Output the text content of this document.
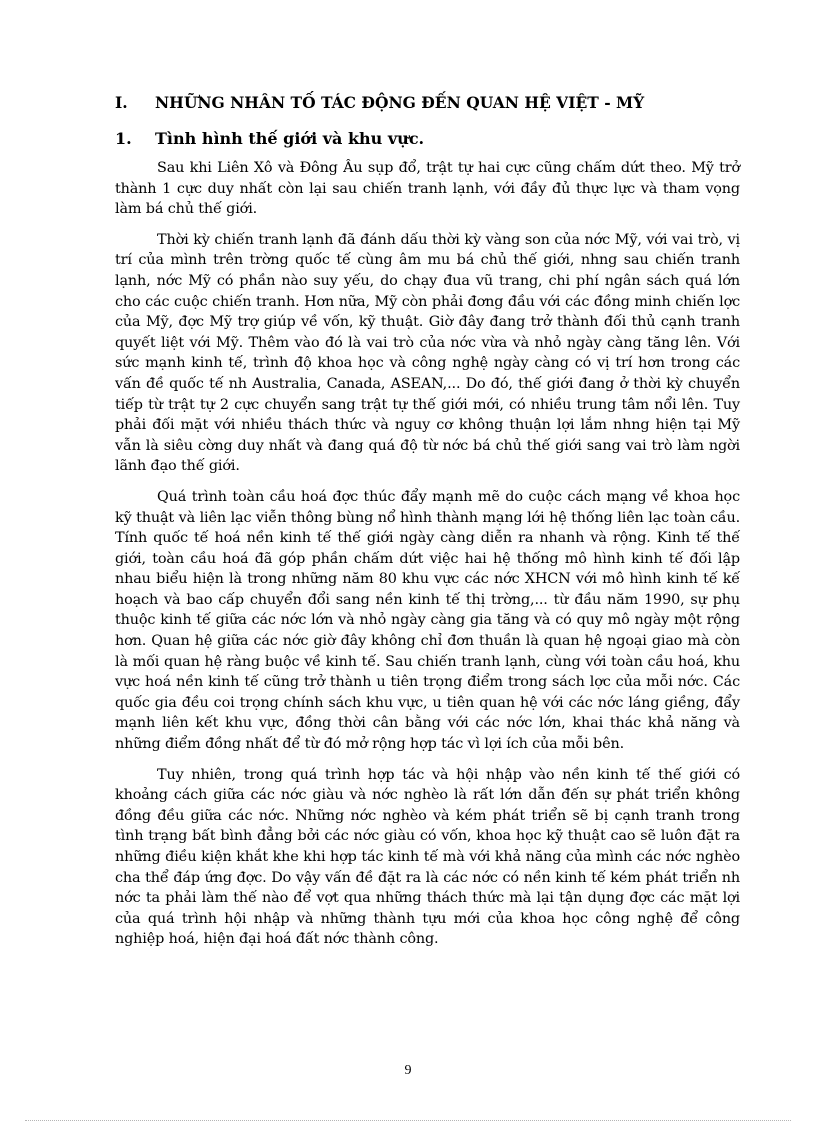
I.	NHỮNG NHÂN TỐ TÁC ĐỘNG ĐẾN QUAN HỆ VIỆT - MỸ
1.	Tình hình thế giới và khu vực.

Sau khi Liên Xô và Đông Âu sụp đổ, trật tự hai cực cũng chấm dứt theo. Mỹ trở thành 1 cực duy nhất còn lại sau chiến tranh lạnh, với đầy đủ thực lực và tham vọng làm bá chủ thế giới.

Thời kỳ chiến tranh lạnh đã đánh dấu thời kỳ vàng son của nớc Mỹ, với vai trò, vị trí của mình trên trờng quốc tế cùng âm mu bá chủ thế giới, nhng sau chiến tranh lạnh, nớc Mỹ có phần nào suy yếu, do chạy đua vũ trang, chi phí ngân sách quá lớn cho các cuộc chiến tranh. Hơn nữa, Mỹ còn phải đơng đầu với các đồng minh chiến lợc của Mỹ, đợc Mỹ trợ giúp về vốn, kỹ thuật. Giờ đây đang trở thành đối thủ cạnh tranh quyết liệt với Mỹ. Thêm vào đó là vai trò của nớc vừa và nhỏ ngày càng tăng lên. Với sức mạnh kinh tế, trình độ khoa học và công nghệ ngày càng có vị trí hơn trong các vấn đề quốc tế nh Australia, Canada, ASEAN,... Do đó, thế giới đang ở thời kỳ chuyển tiếp từ trật tự 2 cực chuyển sang trật tự thế giới mới, có nhiều trung tâm nổi lên. Tuy phải đối mặt với nhiều thách thức và nguy cơ không thuận lợi lắm nhng hiện tại Mỹ vẫn là siêu cờng duy nhất và đang quá độ từ nớc bá chủ thế giới sang vai trò làm ngời lãnh đạo thế giới.

Quá trình toàn cầu hoá đợc thúc đẩy mạnh mẽ do cuộc cách mạng về khoa học kỹ thuật và liên lạc viễn thông bùng nổ hình thành mạng lới hệ thống liên lạc toàn cầu. Tính quốc tế hoá nền kinh tế thế giới ngày càng diễn ra nhanh và rộng. Kinh tế thế giới, toàn cầu hoá đã góp phần chấm dứt việc hai hệ thống mô hình kinh tế đối lập nhau biểu hiện là trong những năm 80 khu vực các nớc XHCN với mô hình kinh tế kế hoạch và bao cấp chuyển đổi sang nền kinh tế thị trờng,... từ đầu năm 1990, sự phụ thuộc kinh tế giữa các nớc lớn và nhỏ ngày càng gia tăng và có quy mô ngày một rộng hơn. Quan hệ giữa các nớc giờ đây không chỉ đơn thuần là quan hệ ngoại giao mà còn là mối quan hệ ràng buộc về kinh tế. Sau chiến tranh lạnh, cùng với toàn cầu hoá, khu vực hoá nền kinh tế cũng trở thành u tiên trọng điểm trong sách lợc của mỗi nớc. Các quốc gia đều coi trọng chính sách khu vực, u tiên quan hệ với các nớc láng giềng, đẩy mạnh liên kết khu vực, đồng thời cân bằng với các nớc lớn, khai thác khả năng và những điểm đồng nhất để từ đó mở rộng hợp tác vì lợi ích của mỗi bên.

Tuy nhiên, trong quá trình hợp tác và hội nhập vào nền kinh tế thế giới có khoảng cách giữa các nớc giàu và nớc nghèo là rất lớn dẫn đến sự phát triển không đồng đều giữa các nớc. Những nớc nghèo và kém phát triển sẽ bị cạnh tranh trong tình trạng bất bình đẳng bởi các nớc giàu có vốn, khoa học kỹ thuật cao sẽ luôn đặt ra những điều kiện khắt khe khi hợp tác kinh tế mà với khả năng của mình các nớc nghèo cha thể đáp ứng đợc. Do vậy vấn đề đặt ra là các nớc có nền kinh tế kém phát triển nh nớc ta phải làm thế nào để vợt qua những thách thức mà lại tận dụng đợc các mặt lợi của quá trình hội nhập và những thành tựu mới của khoa học công nghệ để công nghiệp hoá, hiện đại hoá đất nớc thành công.

9
